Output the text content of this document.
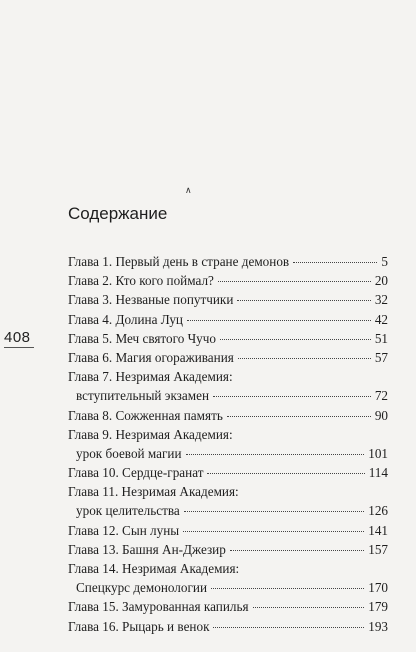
∧
408
Содержание
Глава 1. Первый день в стране демонов	5
Глава 2. Кто кого поймал?	20
Глава 3. Незваные попутчики	32
Глава 4. Долина Луц	42
Глава 5. Меч святого Чучо	51
Глава 6. Магия огораживания	57
Глава 7. Незримая Академия:
вступительный экзамен	72
Глава 8. Сожженная память	90
Глава 9. Незримая Академия:
урок боевой магии	101
Глава 10. Сердце-гранат	114
Глава 11. Незримая Академия:
урок целительства	126
Глава 12. Сын луны	141
Глава 13. Башня Ан-Джезир	157
Глава 14. Незримая Академия:
Спецкурс демонологии	170
Глава 15. Замурованная капилья	179
Глава 16. Рыцарь и венок	193
